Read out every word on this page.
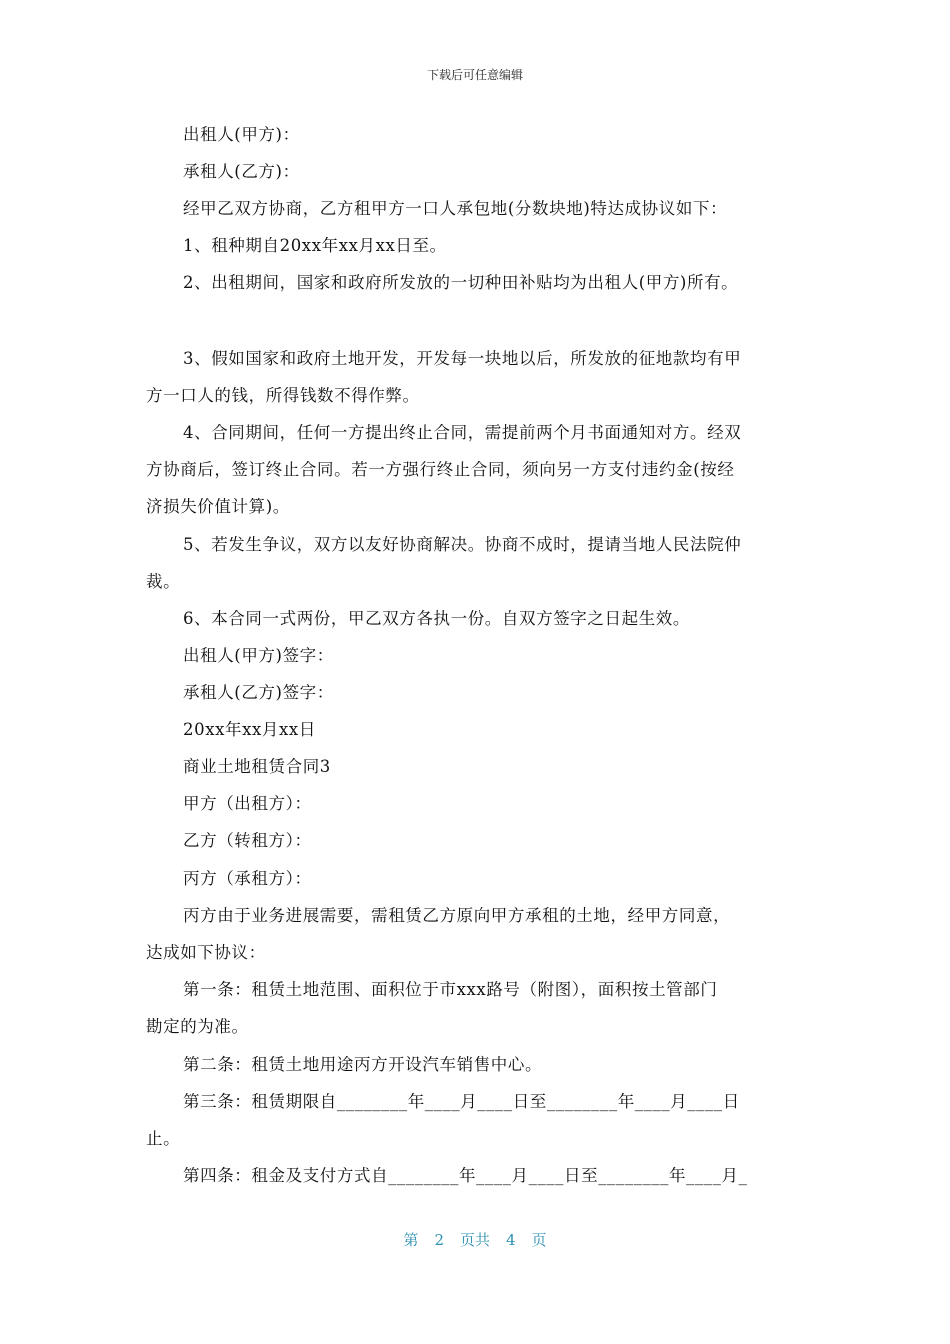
下载后可任意编辑
出租人(甲方)：
承租人(乙方)：
经甲乙双方协商，乙方租甲方一口人承包地(分数块地)特达成协议如下：
1、租种期自20xx年xx月xx日至。
2、出租期间，国家和政府所发放的一切种田补贴均为出租人(甲方)所有。
3、假如国家和政府土地开发，开发每一块地以后，所发放的征地款均有甲
方一口人的钱，所得钱数不得作弊。
4、合同期间，任何一方提出终止合同，需提前两个月书面通知对方。经双
方协商后，签订终止合同。若一方强行终止合同，须向另一方支付违约金(按经
济损失价值计算)。
5、若发生争议，双方以友好协商解决。协商不成时，提请当地人民法院仲
裁。
6、本合同一式两份，甲乙双方各执一份。自双方签字之日起生效。
出租人(甲方)签字：
承租人(乙方)签字：
20xx年xx月xx日
商业土地租赁合同3
甲方（出租方）：
乙方（转租方）：
丙方（承租方）：
丙方由于业务进展需要，需租赁乙方原向甲方承租的土地，经甲方同意，
达成如下协议：
第一条：租赁土地范围、面积位于市xxx路号（附图），面积按土管部门
勘定的为准。
第二条：租赁土地用途丙方开设汽车销售中心。
第三条：租赁期限自________年____月____日至________年____月____日
止。
第四条：租金及支付方式自________年____月____日至________年____月_
第 2 页共 4 页
